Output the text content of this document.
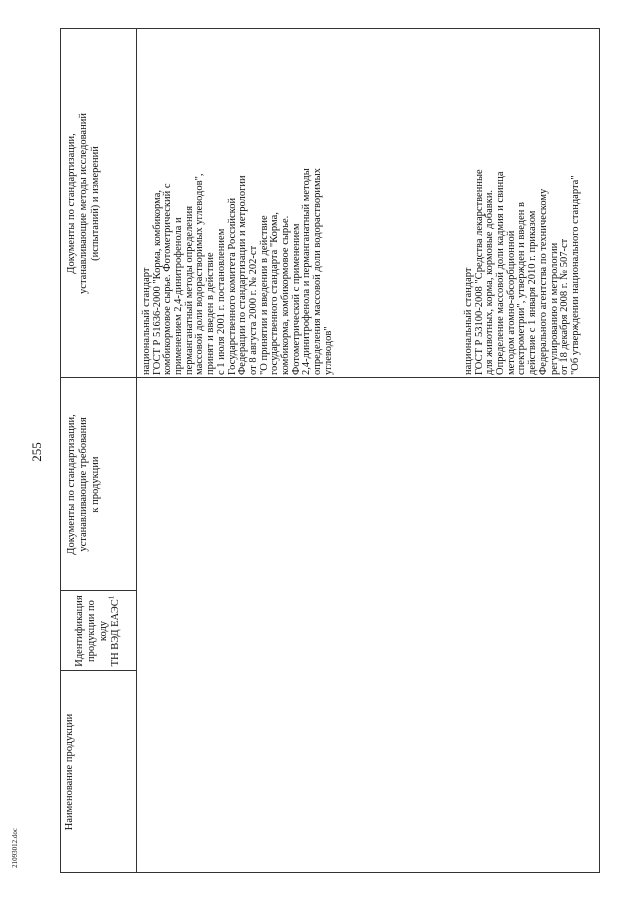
255
21093012.doc
Наименование продукции
Идентификация продукции по коду ТН ВЭД ЕАЭС$^1$
Документы по стандартизации, устанавливающие требования к продукции
Документы по стандартизации, устанавливающие методы исследований (испытаний) и измерений
национальный стандарт ГОСТ Р 51636-2000 "Корма, комбикорма, комбикормовое сырье. Фотометрический с применением 2,4-динитрофенола и перманганатный методы определения массовой доли водорастворимых углеводов", принят и введен в действие с 1 июля 2001 г. постановлением Государственного комитета Российской Федерации по стандартизации и метрологии от 8 августа 2000 г. № 202-ст "О принятии и введении в действие государственного стандарта "Корма, комбикорма, комбикормовое сырье. Фотометрический с применением 2,4-динитрофенола и перманганатный методы определения массовой доли водорастворимых углеводов"	национальный стандарт ГОСТ Р 53100-2008 "Средства лекарственные для животных, корма, кормовые добавки. Определение массовой доли кадмия и свинца методом атомно-абсорбционной спектрометрии", утвержден и введен в действие с 1 января 2010 г. приказом Федерального агентства по техническому регулированию и метрологии от 18 декабря 2008 г. № 507-ст "Об утверждении национального стандарта"
